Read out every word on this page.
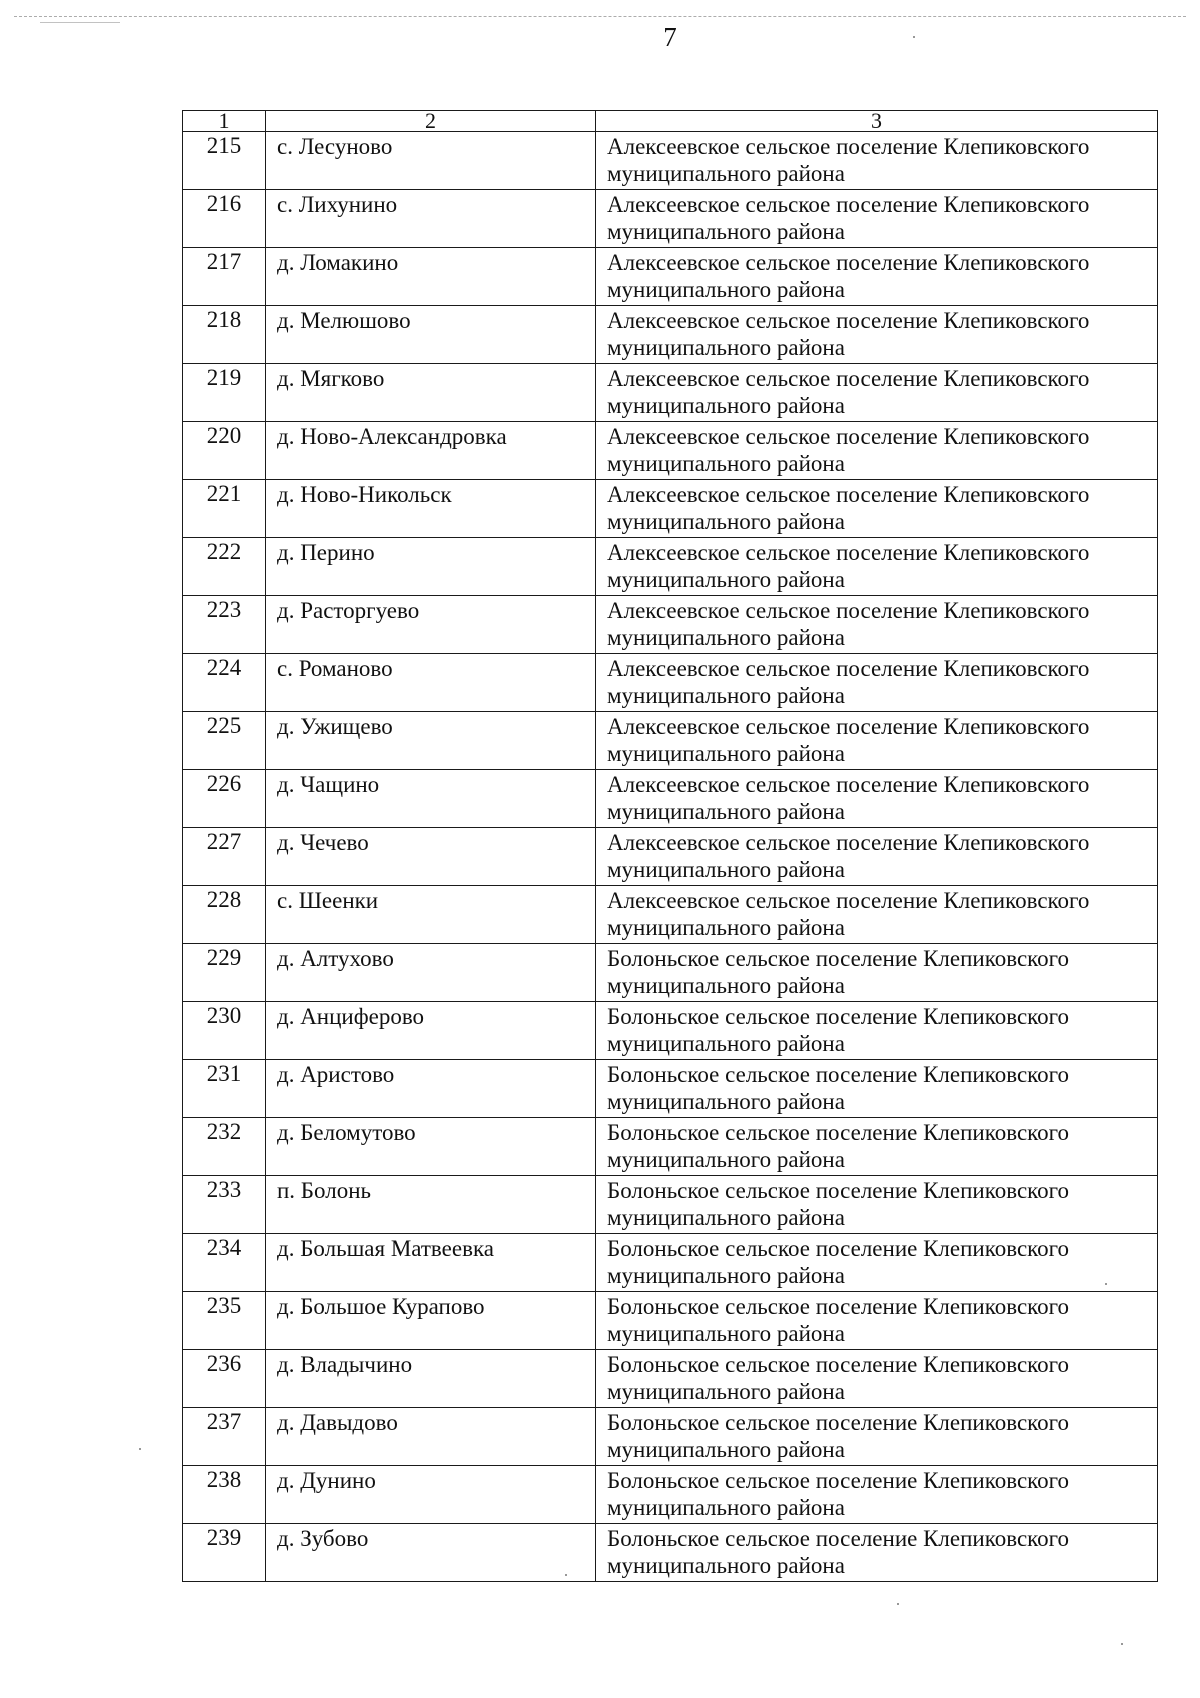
7
1	2	3
215	с. Лесуново	Алексеевское сельское поселение Клепиковского муниципального района
216	с. Лихунино	Алексеевское сельское поселение Клепиковского муниципального района
217	д. Ломакино	Алексеевское сельское поселение Клепиковского муниципального района
218	д. Мелюшово	Алексеевское сельское поселение Клепиковского муниципального района
219	д. Мягково	Алексеевское сельское поселение Клепиковского муниципального района
220	д. Ново-Александровка	Алексеевское сельское поселение Клепиковского муниципального района
221	д. Ново-Никольск	Алексеевское сельское поселение Клепиковского муниципального района
222	д. Перино	Алексеевское сельское поселение Клепиковского муниципального района
223	д. Расторгуево	Алексеевское сельское поселение Клепиковского муниципального района
224	с. Романово	Алексеевское сельское поселение Клепиковского муниципального района
225	д. Ужищево	Алексеевское сельское поселение Клепиковского муниципального района
226	д. Чащино	Алексеевское сельское поселение Клепиковского муниципального района
227	д. Чечево	Алексеевское сельское поселение Клепиковского муниципального района
228	с. Шеенки	Алексеевское сельское поселение Клепиковского муниципального района
229	д. Алтухово	Болоньское сельское поселение Клепиковского муниципального района
230	д. Анциферово	Болоньское сельское поселение Клепиковского муниципального района
231	д. Аристово	Болоньское сельское поселение Клепиковского муниципального района
232	д. Беломутово	Болоньское сельское поселение Клепиковского муниципального района
233	п. Болонь	Болоньское сельское поселение Клепиковского муниципального района
234	д. Большая Матвеевка	Болоньское сельское поселение Клепиковского муниципального района
235	д. Большое Курапово	Болоньское сельское поселение Клепиковского муниципального района
236	д. Владычино	Болоньское сельское поселение Клепиковского муниципального района
237	д. Давыдово	Болоньское сельское поселение Клепиковского муниципального района
238	д. Дунино	Болоньское сельское поселение Клепиковского муниципального района
239	д. Зубово	Болоньское сельское поселение Клепиковского муниципального района
